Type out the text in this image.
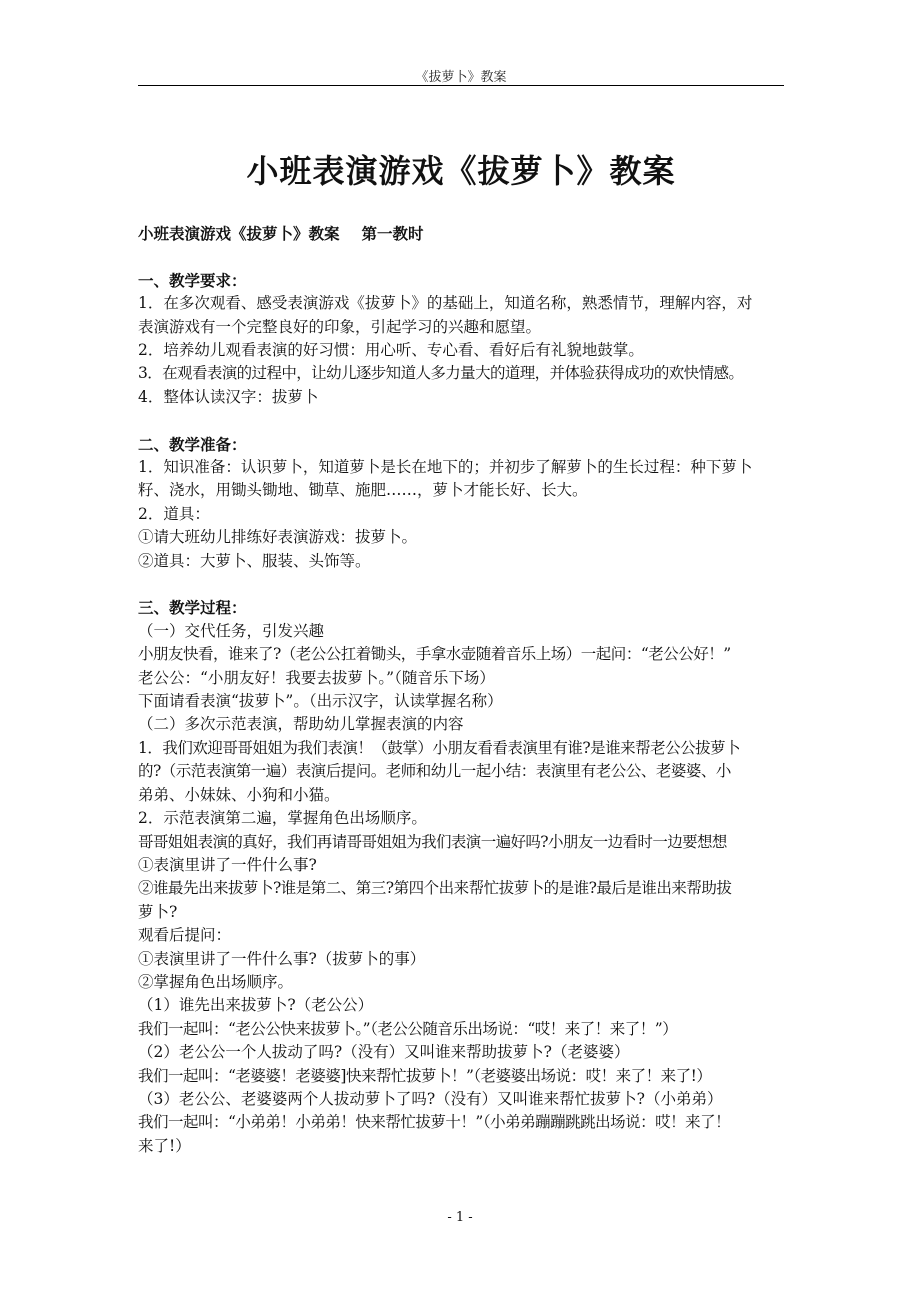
《拔萝卜》教案
小班表演游戏《拔萝卜》教案
小班表演游戏《拔萝卜》教案 第一教时
一、教学要求：
1．在多次观看、感受表演游戏《拔萝卜》的基础上，知道名称，熟悉情节，理解内容，对
表演游戏有一个完整良好的印象，引起学习的兴趣和愿望。
2．培养幼儿观看表演的好习惯：用心听、专心看、看好后有礼貌地鼓掌。
3．在观看表演的过程中，让幼儿逐步知道人多力量大的道理，并体验获得成功的欢快情感。
4．整体认读汉字：拔萝卜
二、教学准备：
1．知识准备：认识萝卜，知道萝卜是长在地下的；并初步了解萝卜的生长过程：种下萝卜
籽、浇水，用锄头锄地、锄草、施肥……，萝卜才能长好、长大。
2．道具：
①请大班幼儿排练好表演游戏：拔萝卜。
②道具：大萝卜、服装、头饰等。
三、教学过程：
（一）交代任务，引发兴趣
小朋友快看，谁来了?（老公公扛着锄头，手拿水壶随着音乐上场）一起问：“老公公好！”
老公公：“小朋友好！我要去拔萝卜。”（随音乐下场）
下面请看表演“拔萝卜”。（出示汉字，认读掌握名称）
（二）多次示范表演，帮助幼儿掌握表演的内容
1．我们欢迎哥哥姐姐为我们表演！（鼓掌）小朋友看看表演里有谁?是谁来帮老公公拔萝卜
的?（示范表演第一遍）表演后提问。老师和幼儿一起小结：表演里有老公公、老婆婆、小
弟弟、小妹妹、小狗和小猫。
2．示范表演第二遍，掌握角色出场顺序。
哥哥姐姐表演的真好，我们再请哥哥姐姐为我们表演一遍好吗?小朋友一边看时一边要想想
①表演里讲了一件什么事?
②谁最先出来拔萝卜?谁是第二、第三?第四个出来帮忙拔萝卜的是谁?最后是谁出来帮助拔
萝卜?
观看后提问：
①表演里讲了一件什么事?（拔萝卜的事）
②掌握角色出场顺序。
（1）谁先出来拔萝卜?（老公公）
我们一起叫：“老公公快来拔萝卜。”（老公公随音乐出场说：“哎！来了！来了！”）
（2）老公公一个人拔动了吗?（没有）又叫谁来帮助拔萝卜?（老婆婆）
我们一起叫：“老婆婆！老婆婆]快来帮忙拔萝卜！”（老婆婆出场说：哎！来了！来了!）
（3）老公公、老婆婆两个人拔动萝卜了吗?（没有）又叫谁来帮忙拔萝卜?（小弟弟）
我们一起叫：“小弟弟！小弟弟！快来帮忙拔萝十！”（小弟弟蹦蹦跳跳出场说：哎！来了！
来了!）
- 1 -
